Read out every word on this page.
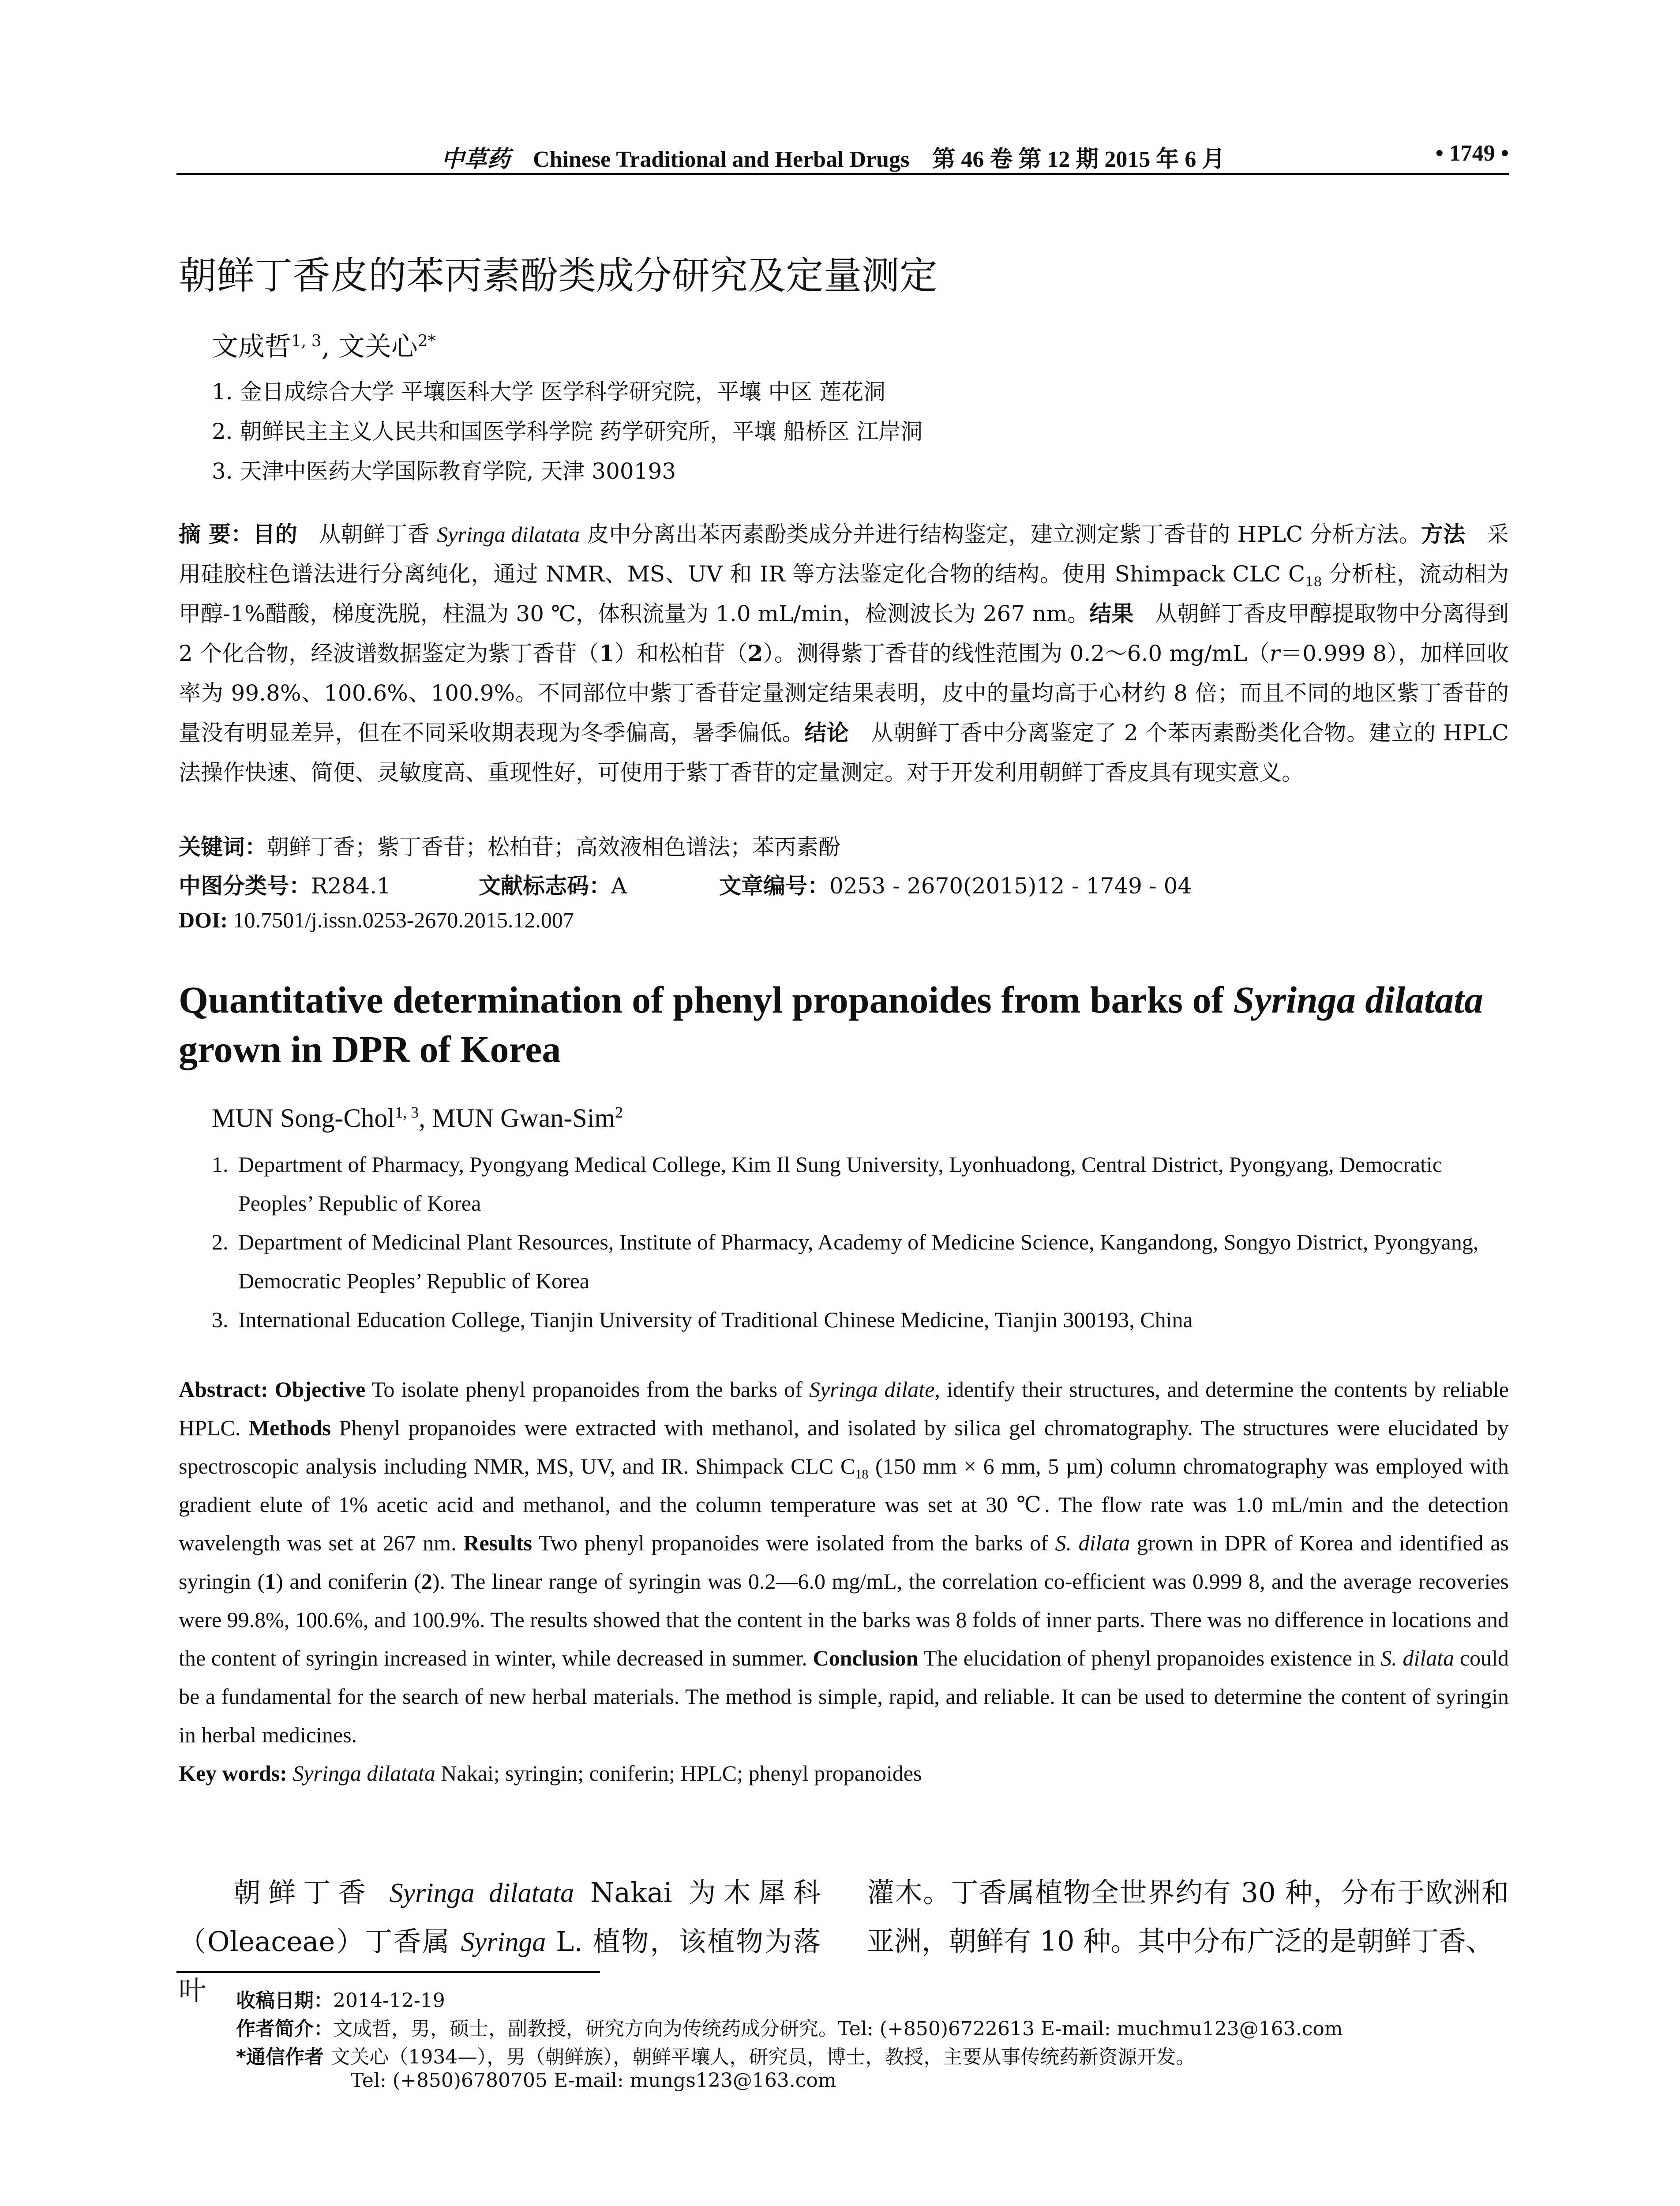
中草药 Chinese Traditional and Herbal Drugs 第 46 卷 第 12 期 2015 年 6 月	• 1749 •
朝鲜丁香皮的苯丙素酚类成分研究及定量测定
文成哲$^{1, 3}$, 文关心$^{2*}$
1. 金日成综合大学 平壤医科大学 医学科学研究院，平壤 中区 莲花洞
2. 朝鲜民主主义人民共和国医学科学院 药学研究所，平壤 船桥区 江岸洞
3. 天津中医药大学国际教育学院, 天津 300193
摘 要：目的 从朝鲜丁香 Syringa dilatata 皮中分离出苯丙素酚类成分并进行结构鉴定，建立测定紫丁香苷的 HPLC 分析方法。方法 采用硅胶柱色谱法进行分离纯化，通过 NMR、MS、UV 和 IR 等方法鉴定化合物的结构。使用 Shimpack CLC $C_{18}$ 分析柱，流动相为甲醇-1%醋酸，梯度洗脱，柱温为 30 ℃，体积流量为 1.0 mL/min，检测波长为 267 nm。结果 从朝鲜丁香皮甲醇提取物中分离得到 2 个化合物，经波谱数据鉴定为紫丁香苷（1）和松柏苷（2）。测得紫丁香苷的线性范围为 0.2～6.0 mg/mL（r＝0.999 8），加样回收率为 99.8%、100.6%、100.9%。不同部位中紫丁香苷定量测定结果表明，皮中的量均高于心材约 8 倍；而且不同的地区紫丁香苷的量没有明显差异，但在不同采收期表现为冬季偏高，暑季偏低。结论 从朝鲜丁香中分离鉴定了 2 个苯丙素酚类化合物。建立的 HPLC 法操作快速、简便、灵敏度高、重现性好，可使用于紫丁香苷的定量测定。对于开发利用朝鲜丁香皮具有现实意义。
关键词：朝鲜丁香；紫丁香苷；松柏苷；高效液相色谱法；苯丙素酚
中图分类号：R284.1	文献标志码：A	文章编号：0253 - 2670(2015)12 - 1749 - 04
DOI: 10.7501/j.issn.0253-2670.2015.12.007
Quantitative determination of phenyl propanoides from barks of Syringa dilatata grown in DPR of Korea
MUN Song-Chol$^{1, 3}$, MUN Gwan-Sim$^2$
1. Department of Pharmacy, Pyongyang Medical College, Kim Il Sung University, Lyonhuadong, Central District, Pyongyang, Democratic Peoples’ Republic of Korea
2. Department of Medicinal Plant Resources, Institute of Pharmacy, Academy of Medicine Science, Kangandong, Songyo District, Pyongyang, Democratic Peoples’ Republic of Korea
3. International Education College, Tianjin University of Traditional Chinese Medicine, Tianjin 300193, China
Abstract: Objective To isolate phenyl propanoides from the barks of Syringa dilate, identify their structures, and determine the contents by reliable HPLC. Methods Phenyl propanoides were extracted with methanol, and isolated by silica gel chromatography. The structures were elucidated by spectroscopic analysis including NMR, MS, UV, and IR. Shimpack CLC $C_{18}$ (150 mm × 6 mm, 5 µm) column chromatography was employed with gradient elute of 1% acetic acid and methanol, and the column temperature was set at 30 ℃. The flow rate was 1.0 mL/min and the detection wavelength was set at 267 nm. Results Two phenyl propanoides were isolated from the barks of S. dilata grown in DPR of Korea and identified as syringin (1) and coniferin (2). The linear range of syringin was 0.2—6.0 mg/mL, the correlation co-efficient was 0.999 8, and the average recoveries were 99.8%, 100.6%, and 100.9%. The results showed that the content in the barks was 8 folds of inner parts. There was no difference in locations and the content of syringin increased in winter, while decreased in summer. Conclusion The elucidation of phenyl propanoides existence in S. dilata could be a fundamental for the search of new herbal materials. The method is simple, rapid, and reliable. It can be used to determine the content of syringin in herbal medicines.
Key words: Syringa dilatata Nakai; syringin; coniferin; HPLC; phenyl propanoides
朝鲜丁香 Syringa dilatata Nakai 为木犀科（Oleaceae）丁香属 Syringa L. 植物，该植物为落叶
灌木。丁香属植物全世界约有 30 种，分布于欧洲和亚洲，朝鲜有 10 种。其中分布广泛的是朝鲜丁香、
收稿日期：2014-12-19
作者简介：文成哲，男，硕士，副教授，研究方向为传统药成分研究。Tel: (+850)6722613 E-mail: muchmu123@163.com
*通信作者 文关心（1934—），男（朝鲜族），朝鲜平壤人，研究员，博士，教授，主要从事传统药新资源开发。
Tel: (+850)6780705 E-mail: mungs123@163.com
